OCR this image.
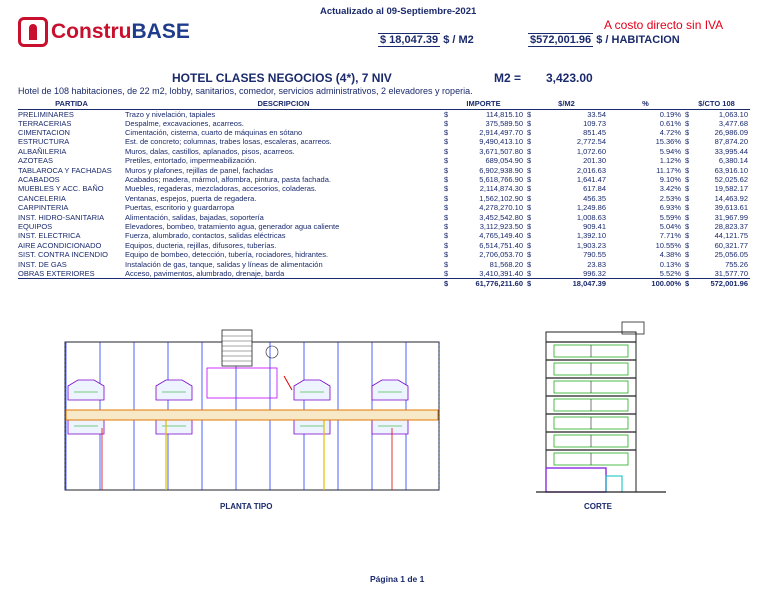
Constru BASE
Actualizado al 09-Septiembre-2021
A costo directo sin IVA
$ 18,047.39 $ / M2	$572,001.96 $ / HABITACION
HOTEL CLASES NEGOCIOS (4*), 7 NIV	M2 = 3,423.00
Hotel de 108 habitaciones, de 22 m2, lobby, sanitarios, comedor, servicios administrativos, 2 elevadores y roperia.
PARTIDA	DESCRIPCION	IMPORTE		$/M2		%	$/CTO 108	
PRELIMINARES	Trazo y nivelación, tapiales	$	114,815.10	$	33.54	0.19%	$	1,063.10
TERRACERIAS	Despalme, excavaciones, acarreos.	$	375,589.50	$	109.73	0.61%	$	3,477.68
CIMENTACION	Cimentación, cisterna, cuarto de máquinas en sótano	$	2,914,497.70	$	851.45	4.72%	$	26,986.09
ESTRUCTURA	Est. de concreto; columnas, trabes losas, escaleras, acarreos.	$	9,490,413.10	$	2,772.54	15.36%	$	87,874.20
ALBAÑILERIA	Muros, dalas, castillos, aplanados, pisos, acarreos.	$	3,671,507.80	$	1,072.60	5.94%	$	33,995.44
AZOTEAS	Pretiles, entortado, impermeabilización.	$	689,054.90	$	201.30	1.12%	$	6,380.14
TABLAROCA Y FACHADAS	Muros y plafones, rejillas de panel, fachadas	$	6,902,938.90	$	2,016.63	11.17%	$	63,916.10
ACABADOS	Acabados; madera, mármol, alfombra, pintura, pasta fachada.	$	5,618,766.90	$	1,641.47	9.10%	$	52,025.62
MUEBLES Y ACC. BAÑO	Muebles, regaderas, mezcladoras, accesorios, coladeras.	$	2,114,874.30	$	617.84	3.42%	$	19,582.17
CANCELERIA	Ventanas, espejos, puerta de regadera.	$	1,562,102.90	$	456.35	2.53%	$	14,463.92
CARPINTERIA	Puertas, escritorio y guardarropa	$	4,278,270.10	$	1,249.86	6.93%	$	39,613.61
INST. HIDRO-SANITARIA	Alimentación, salidas, bajadas, soportería	$	3,452,542.80	$	1,008.63	5.59%	$	31,967.99
EQUIPOS	Elevadores, bombeo, tratamiento agua, generador agua caliente	$	3,112,923.50	$	909.41	5.04%	$	28,823.37
INST. ELECTRICA	Fuerza, alumbrado, contactos, salidas eléctricas	$	4,765,149.40	$	1,392.10	7.71%	$	44,121.75
AIRE ACONDICIONADO	Equipos, ducteria, rejillas, difusores, tuberías.	$	6,514,751.40	$	1,903.23	10.55%	$	60,321.77
SIST. CONTRA INCENDIO	Equipo de bombeo, detección, tubería, rociadores, hidrantes.	$	2,706,053.70	$	790.55	4.38%	$	25,056.05
INST. DE GAS	Instalación de gas, tanque, salidas y líneas de alimentación	$	81,568.20	$	23.83	0.13%	$	755.26
OBRAS EXTERIORES	Acceso, pavimentos, alumbrado, drenaje, barda	$	3,410,391.40	$	996.32	5.52%	$	31,577.70
		$	61,776,211.60	$	18,047.39	100.00%	$	572,001.96
PLANTA TIPO	CORTE
Página 1 de 1
